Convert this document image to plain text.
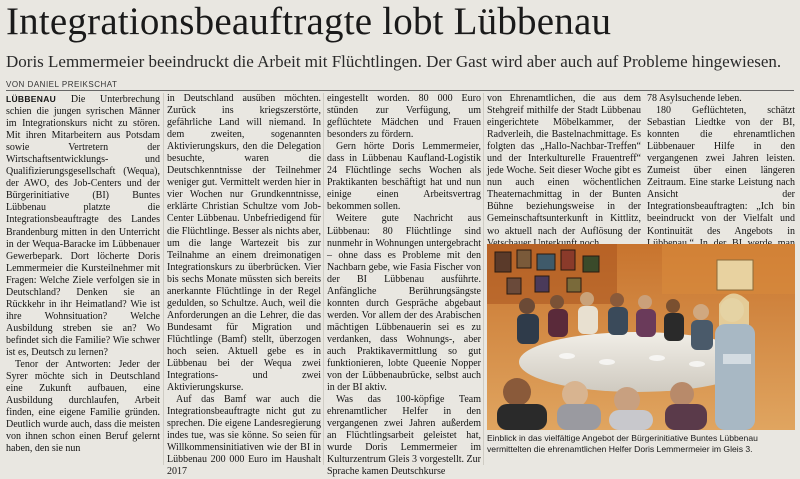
Integrationsbeauftragte lobt Lübbenau
Doris Lemmermeier beeindruckt die Arbeit mit Flüchtlingen. Der Gast wird aber auch auf Probleme hingewiesen.
VON DANIEL PREIKSCHAT

LÜBBENAU Die Unterbrechung schien die jungen syrischen Männer im Integrationskurs nicht zu stören. Mit ihren Mitarbeitern aus Potsdam sowie Vertretern der Wirtschaftsentwicklungs- und Qualifizierungsgesellschaft (Wequa), der AWO, des Job-Centers und der Bürgerinitiative (BI) Buntes Lübbenau platzte die Integrationsbeauftragte des Landes Brandenburg mitten in den Unterricht in der Wequa-Baracke im Lübbenauer Gewerbepark. Dort löcherte Doris Lemmermeier die Kursteilnehmer mit Fragen: Welche Ziele verfolgen sie in Deutschland? Denken sie an Rückkehr in ihr Heimatland? Wie ist ihre Wohnsituation? Welche Ausbildung streben sie an? Wo befindet sich die Familie? Wie schwer ist es, Deutsch zu lernen?

Tenor der Antworten: Jeder der Syrer möchte sich in Deutschland eine Zukunft aufbauen, eine Ausbildung durchlaufen, Arbeit finden, eine eigene Familie gründen. Deutlich wurde auch, dass die meisten von ihnen schon einen Beruf gelernt haben, den sie nun

in Deutschland ausüben möchten. Zurück ins kriegszerstörte, gefährliche Land will niemand. In dem zweiten, sogenannten Aktivierungskurs, den die Delegation besuchte, waren die Deutschkenntnisse der Teilnehmer weniger gut. Vermittelt werden hier in vier Wochen nur Grundkenntnisse, erklärte Christian Schultze vom Job-Center Lübbenau. Unbefriedigend für die Flüchtlinge. Besser als nichts aber, um die lange Wartezeit bis zur Teilnahme an einem dreimonatigen Integrationskurs zu überbrücken. Vier bis sechs Monate müssten sich bereits anerkannte Flüchtlinge in der Regel gedulden, so Schultze. Auch, weil die Anforderungen an die Lehrer, die das Bundesamt für Migration und Flüchtlinge (Bamf) stellt, überzogen hoch seien. Aktuell gebe es in Lübbenau bei der Wequa zwei Integrations- und zwei Aktivierungskurse.

Auf das Bamf war auch die Integrationsbeauftragte nicht gut zu sprechen. Die eigene Landesregierung indes tue, was sie könne. So seien für Willkommensinitiativen wie der BI in Lübbenau 200 000 Euro im Haushalt 2017

eingestellt worden. 80 000 Euro stünden zur Verfügung, um geflüchtete Mädchen und Frauen besonders zu fördern.

Gern hörte Doris Lemmermeier, dass in Lübbenau Kaufland-Logistik 24 Flüchtlinge sechs Wochen als Praktikanten beschäftigt hat und nun einige einen Arbeitsvertrag bekommen sollen.

Weitere gute Nachricht aus Lübbenau: 80 Flüchtlinge sind nunmehr in Wohnungen untergebracht – ohne dass es Probleme mit den Nachbarn gebe, wie Fasia Fischer von der BI Lübbenau ausführte. Anfängliche Berührungsängste konnten durch Gespräche abgebaut werden. Vor allem der des Arabischen mächtigen Lübbenauerin sei es zu verdanken, dass Wohnungs-, aber auch Praktikavermittlung so gut funktionieren, lobte Queenie Nopper von der Lübbenaubrücke, selbst auch in der BI aktiv.

Was das 100-köpfige Team ehrenamtlicher Helfer in den vergangenen zwei Jahren außerdem an Flüchtlingsarbeit geleistet hat, wurde Doris Lemmermeier im Kulturzentrum Gleis 3 vorgestellt. Zur Sprache kamen Deutschkurse

von Ehrenamtlichen, die aus dem Stehgreif mithilfe der Stadt Lübbenau eingerichtete Möbelkammer, der Radverleih, die Bastelnachmittage. Es folgten das „Hallo-Nachbar-Treffen“ und der Interkulturelle Frauentreff“ jede Woche. Seit dieser Woche gibt es nun auch einen wöchentlichen Theaternachmittag in der Bunten Bühne beziehungsweise in der Gemeinschaftsunterkunft in Kittlitz, wo aktuell nach der Auflösung der

78 Asylsuchende leben.

180 Geflüchteten, schätzt Sebastian Liedtke von der BI, konnten die ehrenamtlichen Lübbenauer Hilfe in den vergangenen zwei Jahren leisten. Zumeist über einen längeren Zeitraum. Eine starke Leistung nach Ansicht der Integrationsbeauftragten: „Ich bin beeindruckt von der Vielfalt und Kontinuität des Angebots in

Einblick in das vielfältige Angebot der Bürgerinitiative Buntes Lübbenau vermittelten die ehrenamtlichen Helfer Doris Lemmermeier im Gleis 3.
